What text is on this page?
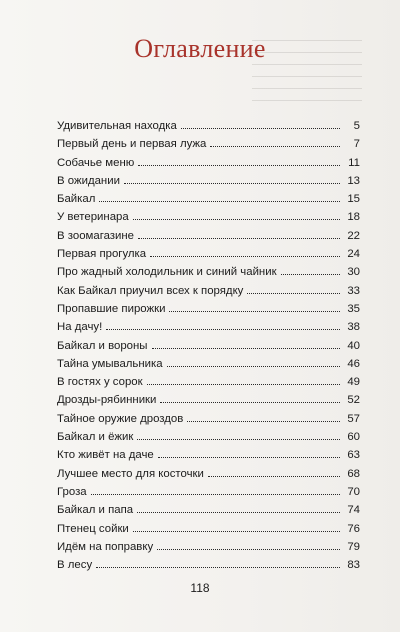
Оглавление
Удивительная находка	5
Первый день и первая лужа	7
Собачье меню	11
В ожидании	13
Байкал	15
У ветеринара	18
В зоомагазине	22
Первая прогулка	24
Про жадный холодильник и синий чайник	30
Как Байкал приучил всех к порядку	33
Пропавшие пирожки	35
На дачу!	38
Байкал и вороны	40
Тайна умывальника	46
В гостях у сорок	49
Дрозды-рябинники	52
Тайное оружие дроздов	57
Байкал и ёжик	60
Кто живёт на даче	63
Лучшее место для косточки	68
Гроза	70
Байкал и папа	74
Птенец сойки	76
Идём на поправку	79
В лесу	83
118
